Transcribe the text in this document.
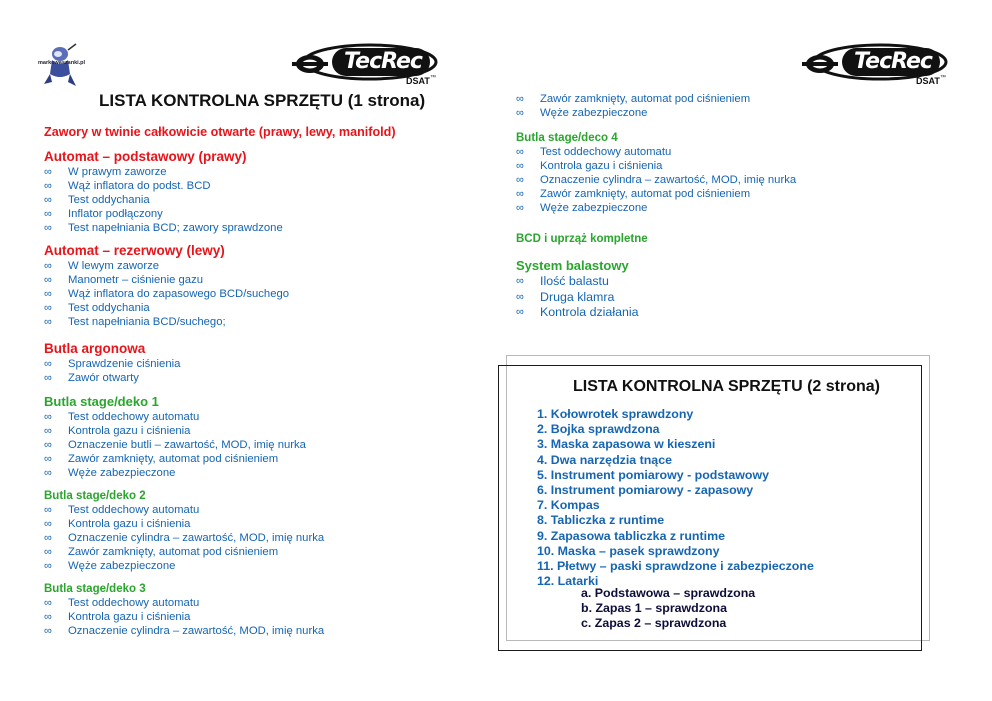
markowaszanki.pl	TecRec
DSAT ™
LISTA KONTROLNA SPRZĘTU (1 strona)
Zawory w twinie całkowicie otwarte (prawy, lewy, manifold)
Automat – podstawowy (prawy)
∞ W prawym zaworze
∞ Wąż inflatora do podst. BCD
∞ Test oddychania
∞ Inflator podłączony
∞ Test napełniania BCD; zawory sprawdzone
Automat – rezerwowy (lewy)
∞ W lewym zaworze
∞ Manometr – ciśnienie gazu
∞ Wąż inflatora do zapasowego BCD/suchego
∞ Test oddychania
∞ Test napełniania BCD/suchego;
Butla argonowa
∞ Sprawdzenie ciśnienia
∞ Zawór otwarty
Butla stage/deko 1
∞ Test oddechowy automatu
∞ Kontrola gazu i ciśnienia
∞ Oznaczenie butli – zawartość, MOD, imię nurka
∞ Zawór zamknięty, automat pod ciśnieniem
∞ Węże zabezpieczone
Butla stage/deko 2
∞ Test oddechowy automatu
∞ Kontrola gazu i ciśnienia
∞ Oznaczenie cylindra – zawartość, MOD, imię nurka
∞ Zawór zamknięty, automat pod ciśnieniem
∞ Węże zabezpieczone
Butla stage/deko 3
∞ Test oddechowy automatu
∞ Kontrola gazu i ciśnienia
∞ Oznaczenie cylindra – zawartość, MOD, imię nurka
TecRec
DSAT ™
∞ Zawór zamknięty, automat pod ciśnieniem
∞ Węże zabezpieczone
Butla stage/deco 4
∞ Test oddechowy automatu
∞ Kontrola gazu i ciśnienia
∞ Oznaczenie cylindra – zawartość, MOD, imię nurka
∞ Zawór zamknięty, automat pod ciśnieniem
∞ Węże zabezpieczone
BCD i uprząż kompletne
System balastowy
∞ Ilość balastu
∞ Druga klamra
∞ Kontrola działania
LISTA KONTROLNA SPRZĘTU (2 strona)
1. Kołowrotek sprawdzony
2. Bojka sprawdzona
3. Maska zapasowa w kieszeni
4. Dwa narzędzia tnące
5. Instrument pomiarowy - podstawowy
6. Instrument pomiarowy - zapasowy
7. Kompas
8. Tabliczka z runtime
9. Zapasowa tabliczka z runtime
10. Maska – pasek sprawdzony
11. Płetwy – paski sprawdzone i zabezpieczone
12. Latarki
a. Podstawowa – sprawdzona
b. Zapas 1 – sprawdzona
c. Zapas 2 – sprawdzona
